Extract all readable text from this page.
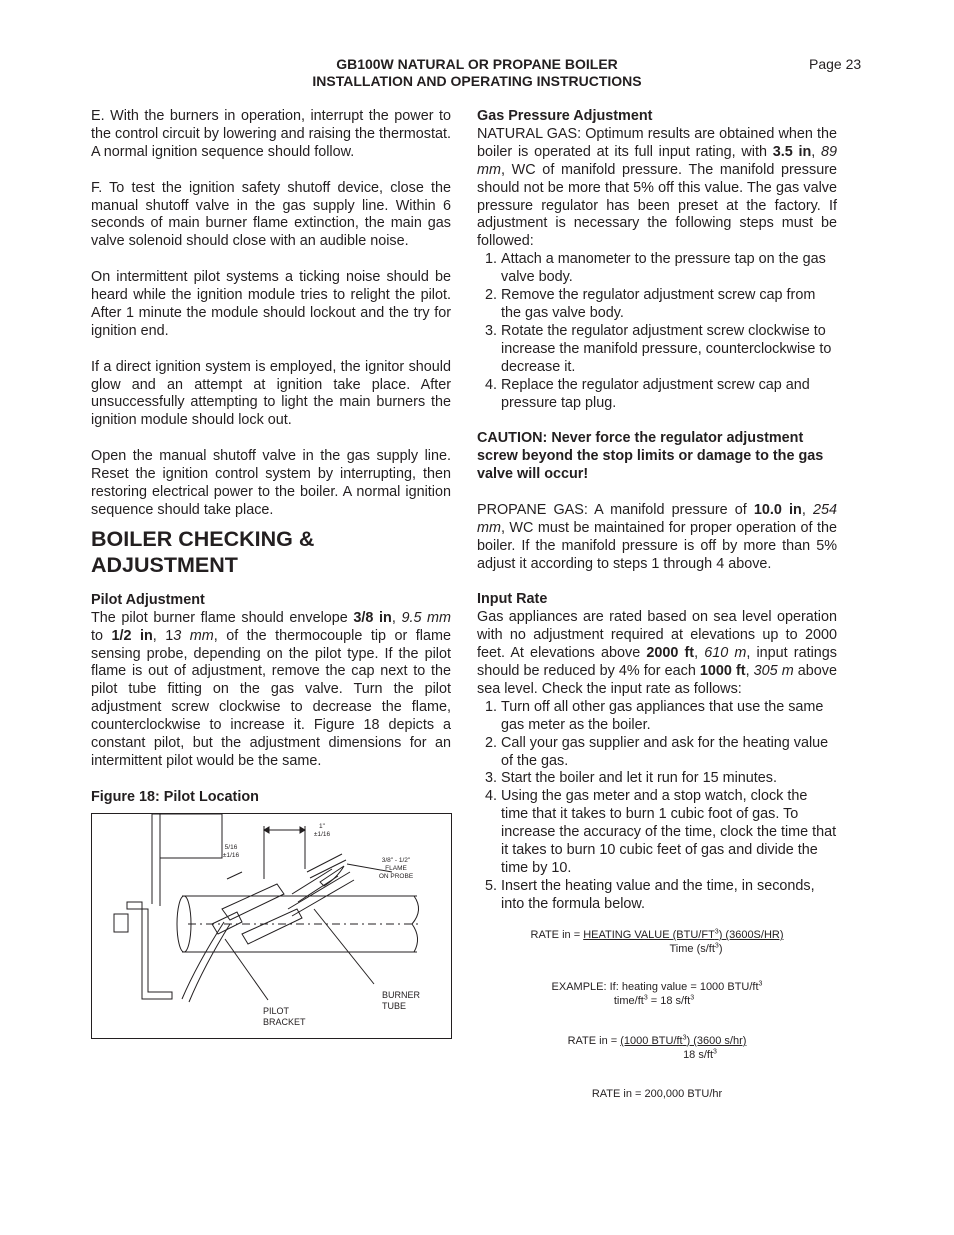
GB100W NATURAL OR PROPANE BOILER
INSTALLATION AND OPERATING INSTRUCTIONS
Page 23

E. With the burners in operation, interrupt the power to the control circuit by lowering and raising the thermostat. A normal ignition sequence should follow.

F. To test the ignition safety shutoff device, close the manual shutoff valve in the gas supply line. Within 6 seconds of main burner flame extinction, the main gas valve solenoid should close with an audible noise.

On intermittent pilot systems a ticking noise should be heard while the ignition module tries to relight the pilot. After 1 minute the module should lockout and the try for ignition end.

If a direct ignition system is employed, the ignitor should glow and an attempt at ignition take place. After unsuccessfully attempting to light the main burners the ignition module should lock out.

Open the manual shutoff valve in the gas supply line. Reset the ignition control system by interrupting, then restoring electrical power to the boiler. A normal ignition sequence should take place.

BOILER CHECKING & ADJUSTMENT

Pilot Adjustment

The pilot burner flame should envelope 3/8 in, 9.5 mm to 1/2 in, 13 mm, of the thermocouple tip or flame sensing probe, depending on the pilot type. If the pilot flame is out of adjustment, remove the cap next to the pilot tube fitting on the gas valve. Turn the pilot adjustment screw clockwise to decrease the flame, counterclockwise to increase it. Figure 18 depicts a constant pilot, but the adjustment dimensions for an intermittent pilot would be the same.

Figure 18: Pilot Location

5/16
±1/16
1"
±1/16
3/8" - 1/2"
FLAME
ON PROBE
PILOT
BRACKET
BURNER
TUBE

Gas Pressure Adjustment

NATURAL GAS: Optimum results are obtained when the boiler is operated at its full input rating, with 3.5 in, 89 mm, WC of manifold pressure. The manifold pressure should not be more that 5% off this value. The gas valve pressure regulator has been preset at the factory. If adjustment is necessary the following steps must be followed:

1. Attach a manometer to the pressure tap on the gas valve body.
2. Remove the regulator adjustment screw cap from the gas valve body.
3. Rotate the regulator adjustment screw clockwise to increase the manifold pressure, counterclockwise to decrease it.
4. Replace the regulator adjustment screw cap and pressure tap plug.

CAUTION: Never force the regulator adjustment screw beyond the stop limits or damage to the gas valve will occur!

PROPANE GAS: A manifold pressure of 10.0 in, 254 mm, WC must be maintained for proper operation of the boiler. If the manifold pressure is off by more than 5% adjust it according to steps 1 through 4 above.

Input Rate

Gas appliances are rated based on sea level operation with no adjustment required at elevations up to 2000 feet. At elevations above 2000 ft, 610 m, input ratings should be reduced by 4% for each 1000 ft, 305 m above sea level. Check the input rate as follows:

1. Turn off all other gas appliances that use the same gas meter as the boiler.
2. Call your gas supplier and ask for the heating value of the gas.
3. Start the boiler and let it run for 15 minutes.
4. Using the gas meter and a stop watch, clock the time that it takes to burn 1 cubic foot of gas. To increase the accuracy of the time, clock the time that it takes to burn 10 cubic feet of gas and divide the time by 10.
5. Insert the heating value and the time, in seconds, into the formula below.
RATE in = HEATING VALUE $(BTU/FT^3)$ (3600S/HR)
Time $(s/ft^3)$
EXAMPLE: If: heating value = 1000 BTU/$ft^3$
time/$ft^3 = 18$ $s/ft^3$
RATE in = (1000 BTU/$ft^3$) (3600 s/hr)
18 $s/ft^3$
RATE in = 200,000 BTU/hr
